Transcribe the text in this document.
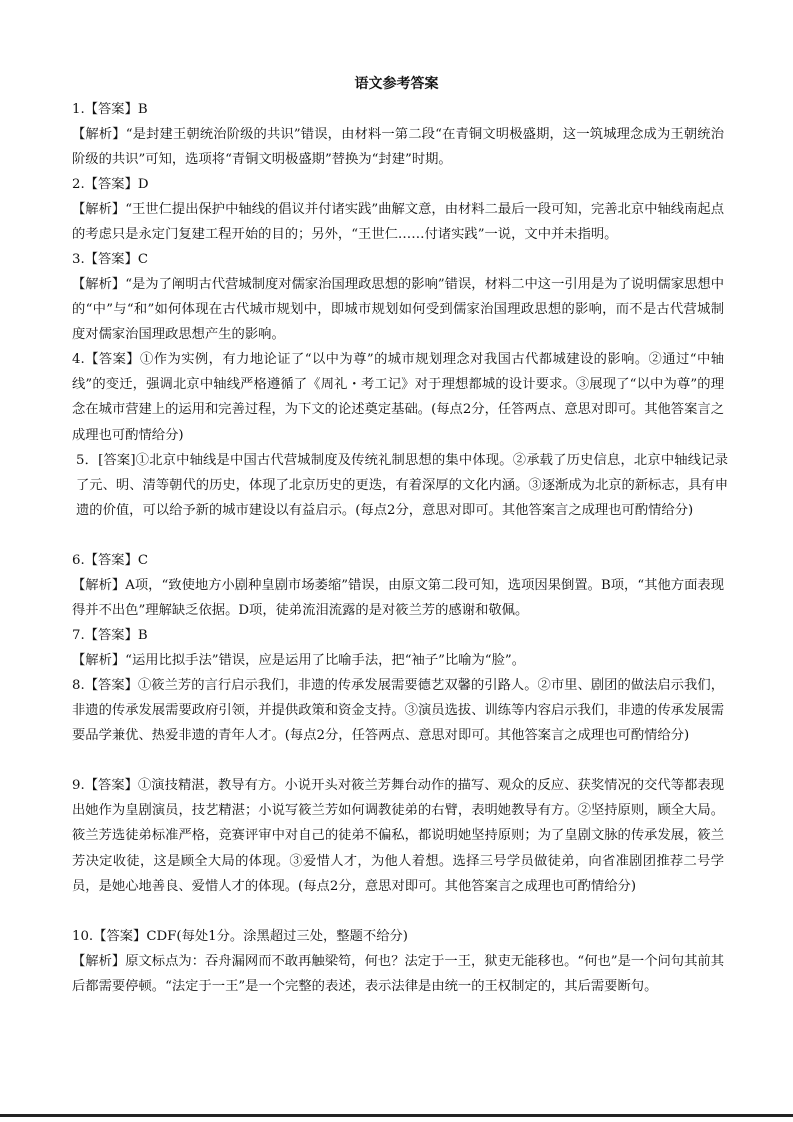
语文参考答案
1.【答案】B
【解析】“是封建王朝统治阶级的共识”错误，由材料一第二段“在青铜文明极盛期，这一筑城理念成为王朝统治阶级的共识”可知，选项将“青铜文明极盛期”替换为“封建”时期。
2.【答案】D
【解析】“王世仁提出保护中轴线的倡议并付诸实践”曲解文意，由材料二最后一段可知，完善北京中轴线南起点的考虑只是永定门复建工程开始的目的；另外，“王世仁……付诸实践”一说，文中并未指明。
3.【答案】C
【解析】“是为了阐明古代营城制度对儒家治国理政思想的影响”错误，材料二中这一引用是为了说明儒家思想中的“中”与“和”如何体现在古代城市规划中，即城市规划如何受到儒家治国理政思想的影响，而不是古代营城制度对儒家治国理政思想产生的影响。
4.【答案】①作为实例，有力地论证了“以中为尊”的城市规划理念对我国古代都城建设的影响。②通过“中轴线”的变迁，强调北京中轴线严格遵循了《周礼・考工记》对于理想都城的设计要求。③展现了“以中为尊”的理念在城市营建上的运用和完善过程，为下文的论述奠定基础。(每点2分，任答两点、意思对即可。其他答案言之成理也可酌情给分)
5．[答案]①北京中轴线是中国古代营城制度及传统礼制思想的集中体现。②承载了历史信息，北京中轴线记录了元、明、清等朝代的历史，体现了北京历史的更迭，有着深厚的文化内涵。③逐渐成为北京的新标志，具有申遗的价值，可以给予新的城市建设以有益启示。(每点2分，意思对即可。其他答案言之成理也可酌情给分)
6.【答案】C
【解析】A项，“致使地方小剧种皇剧市场萎缩”错误，由原文第二段可知，选项因果倒置。B项，“其他方面表现得并不出色”理解缺乏依据。D项，徒弟流泪流露的是对筱兰芳的感谢和敬佩。
7.【答案】B
【解析】“运用比拟手法”错误，应是运用了比喻手法，把“袖子”比喻为“脸”。
8.【答案】①筱兰芳的言行启示我们，非遗的传承发展需要德艺双馨的引路人。②市里、剧团的做法启示我们，非遗的传承发展需要政府引领，并提供政策和资金支持。③演员选拔、训练等内容启示我们，非遗的传承发展需要品学兼优、热爱非遗的青年人才。(每点2分，任答两点、意思对即可。其他答案言之成理也可酌情给分)
9.【答案】①演技精湛，教导有方。小说开头对筱兰芳舞台动作的描写、观众的反应、获奖情况的交代等都表现出她作为皇剧演员，技艺精湛；小说写筱兰芳如何调教徒弟的右臂，表明她教导有方。②坚持原则，顾全大局。筱兰芳选徒弟标准严格，竞赛评审中对自己的徒弟不偏私，都说明她坚持原则；为了皇剧文脉的传承发展，筱兰芳决定收徒，这是顾全大局的体现。③爱惜人才，为他人着想。选择三号学员做徒弟，向省准剧团推荐二号学员，是她心地善良、爱惜人才的体现。(每点2分，意思对即可。其他答案言之成理也可酌情给分)
10.【答案】CDF(每处1分。涂黑超过三处，整题不给分)
【解析】原文标点为：吞舟漏网而不敢再触梁笱，何也？法定于一王，狱吏无能移也。“何也”是一个问句其前其后都需要停顿。“法定于一王”是一个完整的表述，表示法律是由统一的王权制定的，其后需要断句。
